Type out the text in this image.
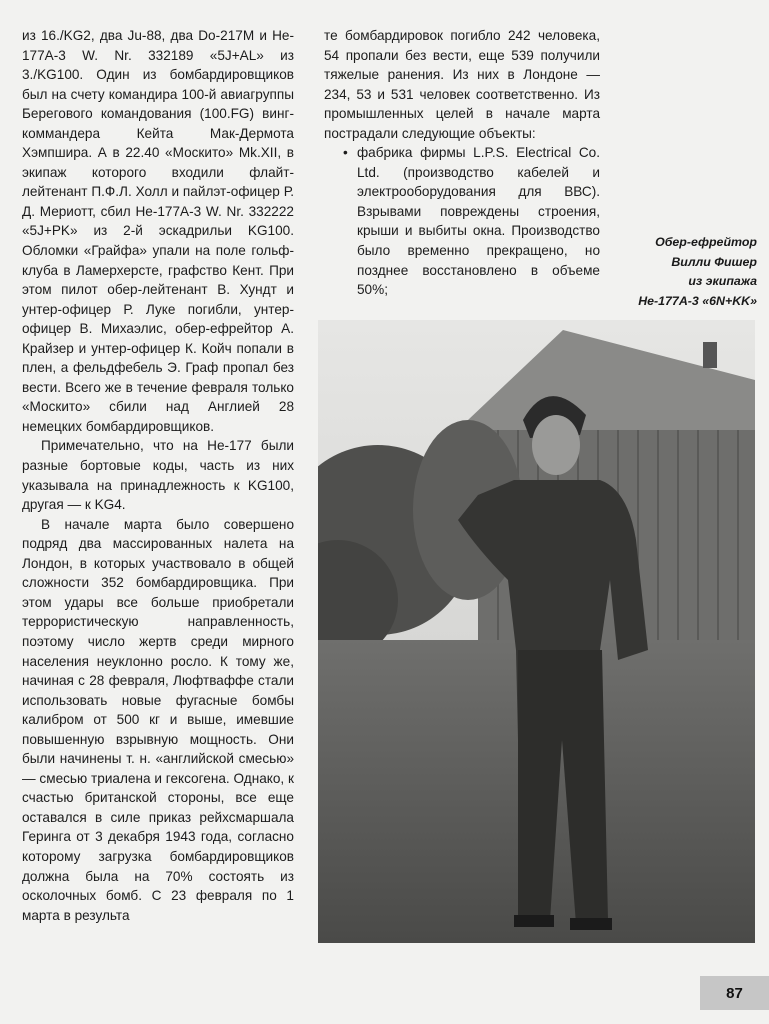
из 16./KG2, два Ju-88, два Do-217M и He-177A-3 W. Nr. 332189 «5J+AL» из 3./KG100. Один из бомбардировщиков был на счету командира 100-й авиагруппы Берегового командования (100.FG) винг-коммандера Кейта Мак-Дермота Хэмпшира. А в 22.40 «Москито» Mk.XII, в экипаж которого входили флайт-лейтенант П.Ф.Л. Холл и пайлэт-офицер Р. Д. Мериотт, сбил He-177A-3 W. Nr. 332222 «5J+PK» из 2-й эскадрильи KG100. Обломки «Грайфа» упали на поле гольф-клуба в Ламерхерсте, графство Кент. При этом пилот обер-лейтенант В. Хундт и унтер-офицер Р. Луке погибли, унтер-офицер В. Михаэлис, обер-ефрейтор А. Крайзер и унтер-офицер К. Койч попали в плен, а фельдфебель Э. Граф пропал без вести. Всего же в течение февраля только «Москито» сбили над Англией 28 немецких бомбардировщиков.

Примечательно, что на He-177 были разные бортовые коды, часть из них указывала на принадлежность к KG100, другая — к KG4.

В начале марта было совершено подряд два массированных налета на Лондон, в которых участвовало в общей сложности 352 бомбардировщика. При этом удары все больше приобретали террористическую направленность, поэтому число жертв среди мирного населения неуклонно росло. К тому же, начиная с 28 февраля, Люфтваффе стали использовать новые фугасные бомбы калибром от 500 кг и выше, имевшие повышенную взрывную мощность. Они были начинены т. н. «английской смесью» — смесью триалена и гексогена. Однако, к счастью британской стороны, все еще оставался в силе приказ рейхсмаршала Геринга от 3 декабря 1943 года, согласно которому загрузка бомбардировщиков должна была на 70% состоять из осколочных бомб. С 23 февраля по 1 марта в результа

те бомбардировок погибло 242 человека, 54 пропали без вести, еще 539 получили тяжелые ранения. Из них в Лондоне — 234, 53 и 531 человек соответственно. Из промышленных целей в начале марта пострадали следующие объекты:

• фабрика фирмы L.P.S. Electrical Co. Ltd. (производство кабелей и электрооборудования для ВВС). Взрывами повреждены строения, крыши и выбиты окна. Производство было временно прекращено, но позднее восстановлено в объеме 50%;

Обер-ефрейтор
Вилли Фишер
из экипажа
He-177A-3 «6N+KK»
87
